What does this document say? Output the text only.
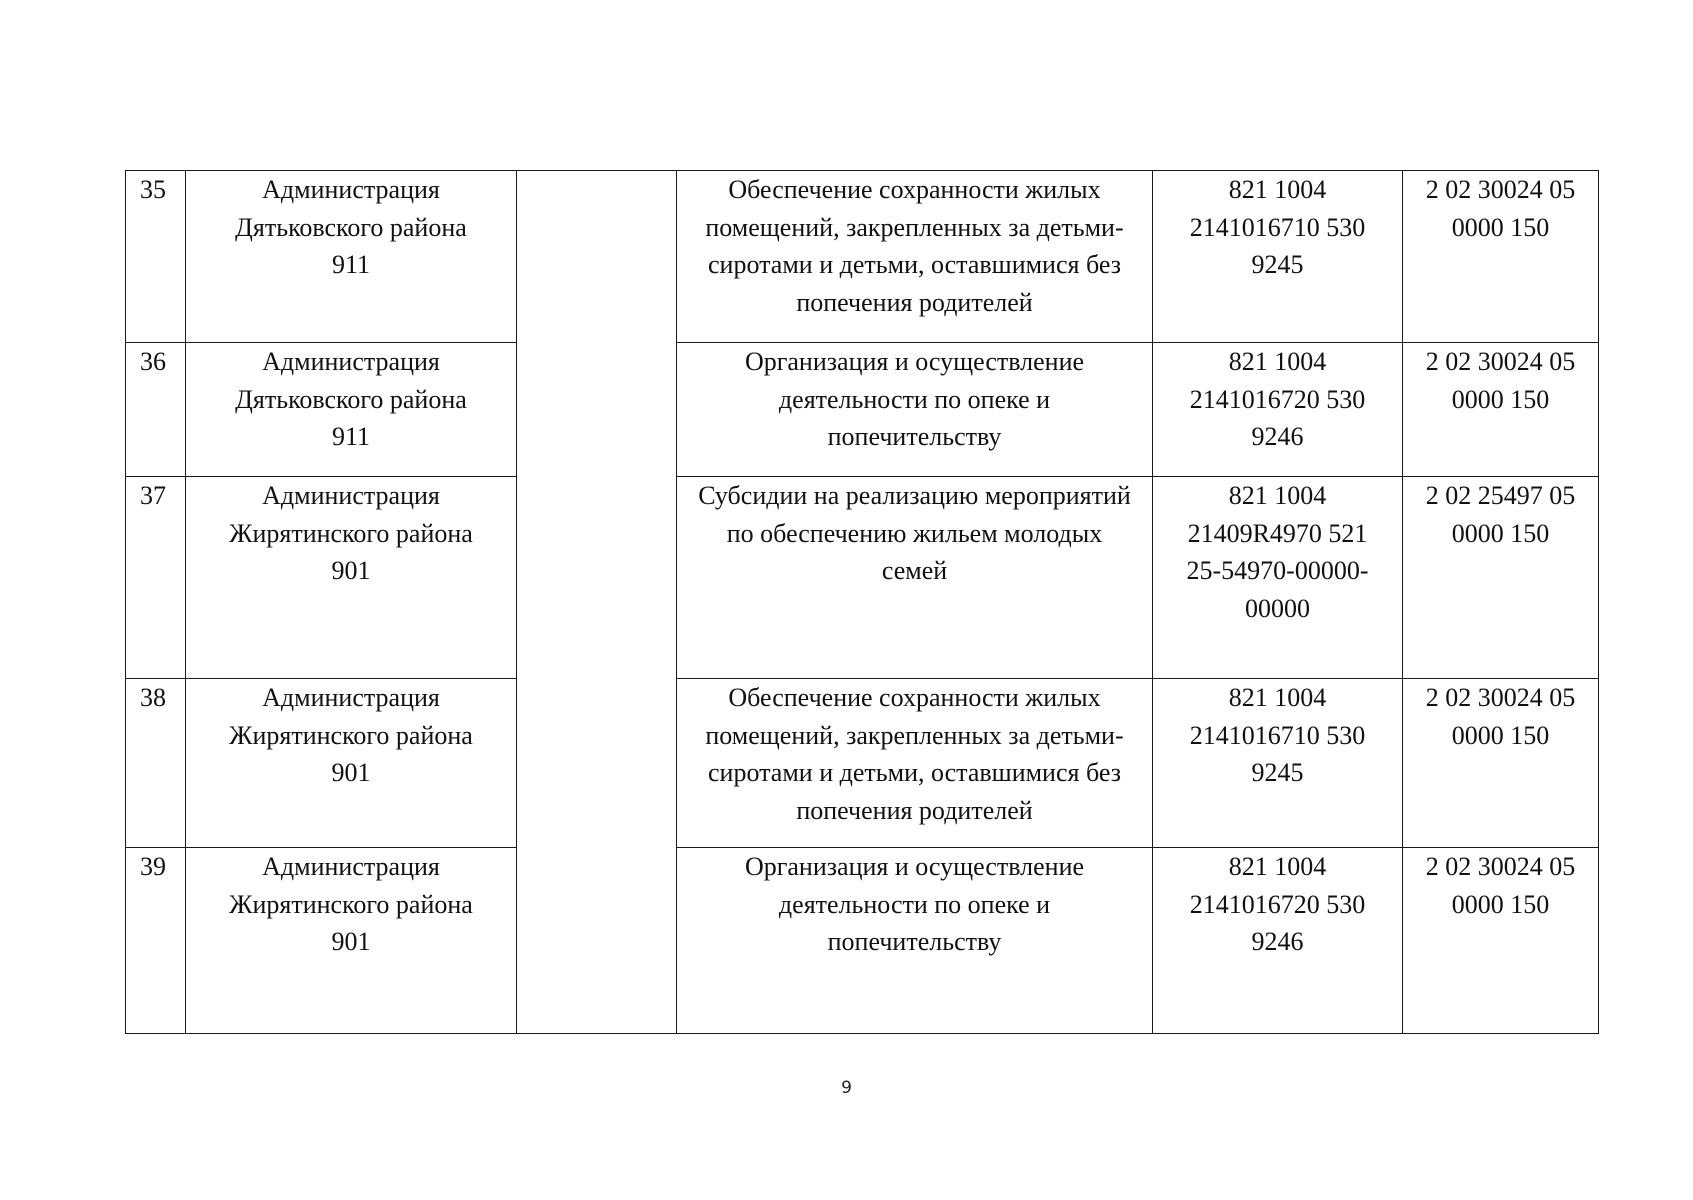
35	Администрация
Дятьковского района
911		Обеспечение сохранности жилых
помещений, закрепленных за детьми-
сиротами и детьми, оставшимися без
попечения родителей	821 1004
2141016710 530
9245	2 02 30024 05
0000 150

36	Администрация
Дятьковского района
911		Организация и осуществление
деятельности по опеке и
попечительству	821 1004
2141016720 530
9246	2 02 30024 05
0000 150

37	Администрация
Жирятинского района
901		Субсидии на реализацию мероприятий
по обеспечению жильем молодых
семей	821 1004
21409R4970 521
25-54970-00000-
00000	2 02 25497 05
0000 150

38	Администрация
Жирятинского района
901		Обеспечение сохранности жилых
помещений, закрепленных за детьми-
сиротами и детьми, оставшимися без
попечения родителей	821 1004
2141016710 530
9245	2 02 30024 05
0000 150

39	Администрация
Жирятинского района
901		Организация и осуществление
деятельности по опеке и
попечительству	821 1004
2141016720 530
9246	2 02 30024 05
0000 150
9
